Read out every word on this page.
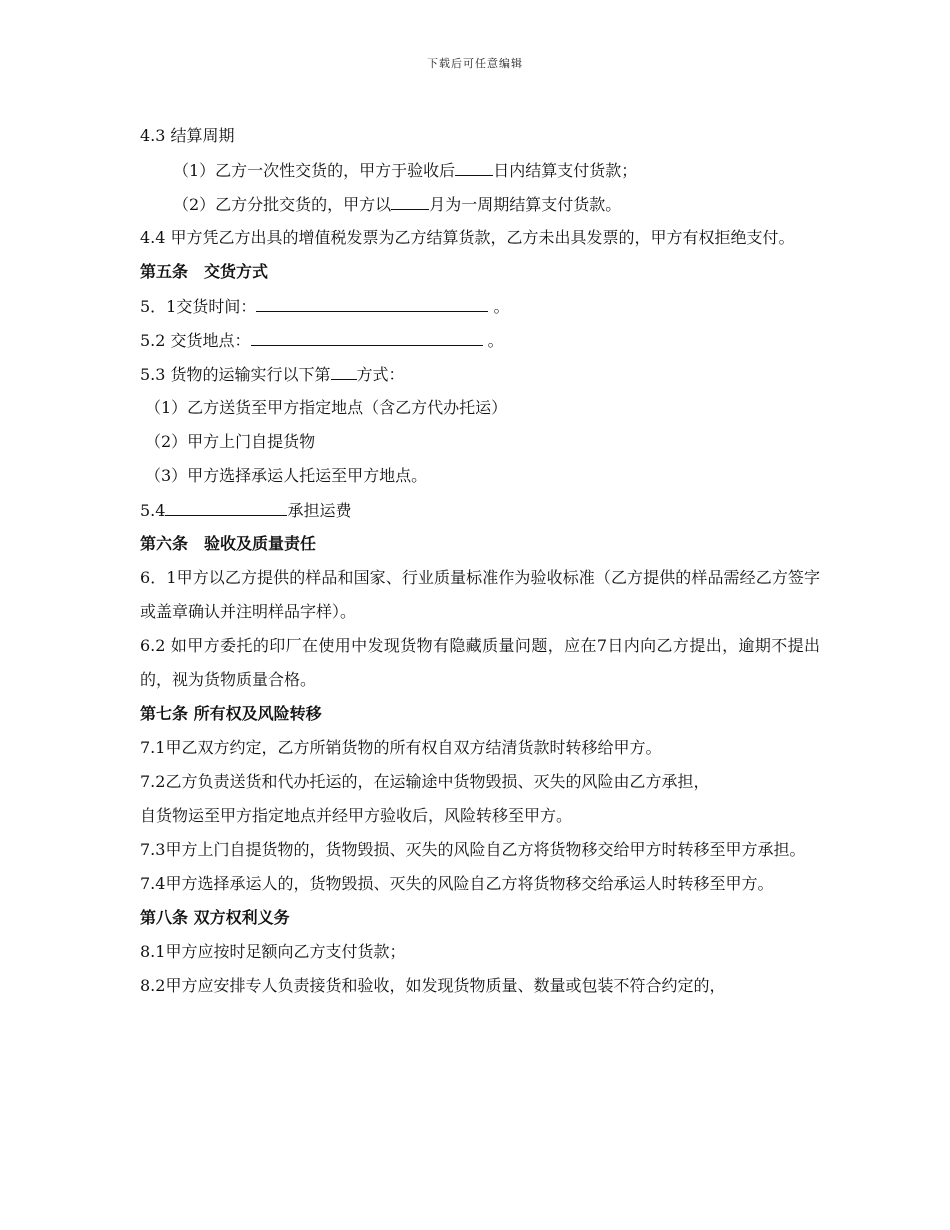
下载后可任意编辑
4.3 结算周期
（1）乙方一次性交货的，甲方于验收后 日内结算支付货款；
（2）乙方分批交货的，甲方以 月为一周期结算支付货款。
4.4 甲方凭乙方出具的增值税发票为乙方结算货款，乙方未出具发票的，甲方有权拒绝支付。
第五条　交货方式
5．1交货时间：	。
5.2 交货地点：	。
5.3 货物的运输实行以下第 方式：
（1）乙方送货至甲方指定地点（含乙方代办托运）
（2）甲方上门自提货物
（3）甲方选择承运人托运至甲方地点。
5.4	承担运费
第六条　验收及质量责任
6．1甲方以乙方提供的样品和国家、行业质量标准作为验收标准（乙方提供的样品需经乙方签字或盖章确认并注明样品字样）。
6.2 如甲方委托的印厂在使用中发现货物有隐藏质量问题，应在7日内向乙方提出，逾期不提出的，视为货物质量合格。
第七条 所有权及风险转移
7.1甲乙双方约定，乙方所销货物的所有权自双方结清货款时转移给甲方。
7.2乙方负责送货和代办托运的，在运输途中货物毁损、灭失的风险由乙方承担，
自货物运至甲方指定地点并经甲方验收后，风险转移至甲方。
7.3甲方上门自提货物的，货物毁损、灭失的风险自乙方将货物移交给甲方时转移至甲方承担。
7.4甲方选择承运人的，货物毁损、灭失的风险自乙方将货物移交给承运人时转移至甲方。
第八条 双方权利义务
8.1甲方应按时足额向乙方支付货款；
8.2甲方应安排专人负责接货和验收，如发现货物质量、数量或包装不符合约定的，
